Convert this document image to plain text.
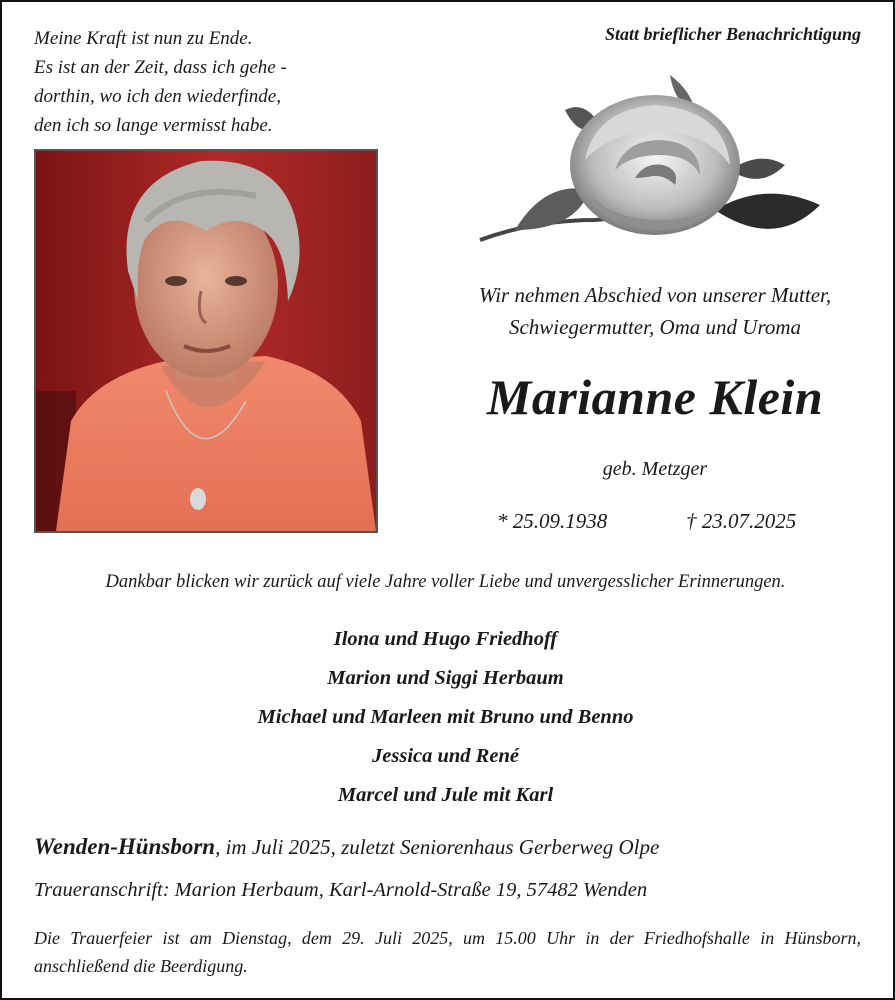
Meine Kraft ist nun zu Ende.
Es ist an der Zeit, dass ich gehe -
dorthin, wo ich den wiederfinde,
den ich so lange vermisst habe.
Statt brieflicher Benachrichtigung
Wir nehmen Abschied von unserer Mutter,
Schwiegermutter, Oma und Uroma
Marianne Klein
geb. Metzger
* 25.09.1938	† 23.07.2025
Dankbar blicken wir zurück auf viele Jahre voller Liebe und unvergesslicher Erinnerungen.
Ilona und Hugo Friedhoff
Marion und Siggi Herbaum
Michael und Marleen mit Bruno und Benno
Jessica und René
Marcel und Jule mit Karl
Wenden-Hünsborn, im Juli 2025, zuletzt Seniorenhaus Gerberweg Olpe
Traueranschrift: Marion Herbaum, Karl-Arnold-Straße 19, 57482 Wenden
Die Trauerfeier ist am Dienstag, dem 29. Juli 2025, um 15.00 Uhr in der Friedhofshalle in Hünsborn, anschließend die Beerdigung.
